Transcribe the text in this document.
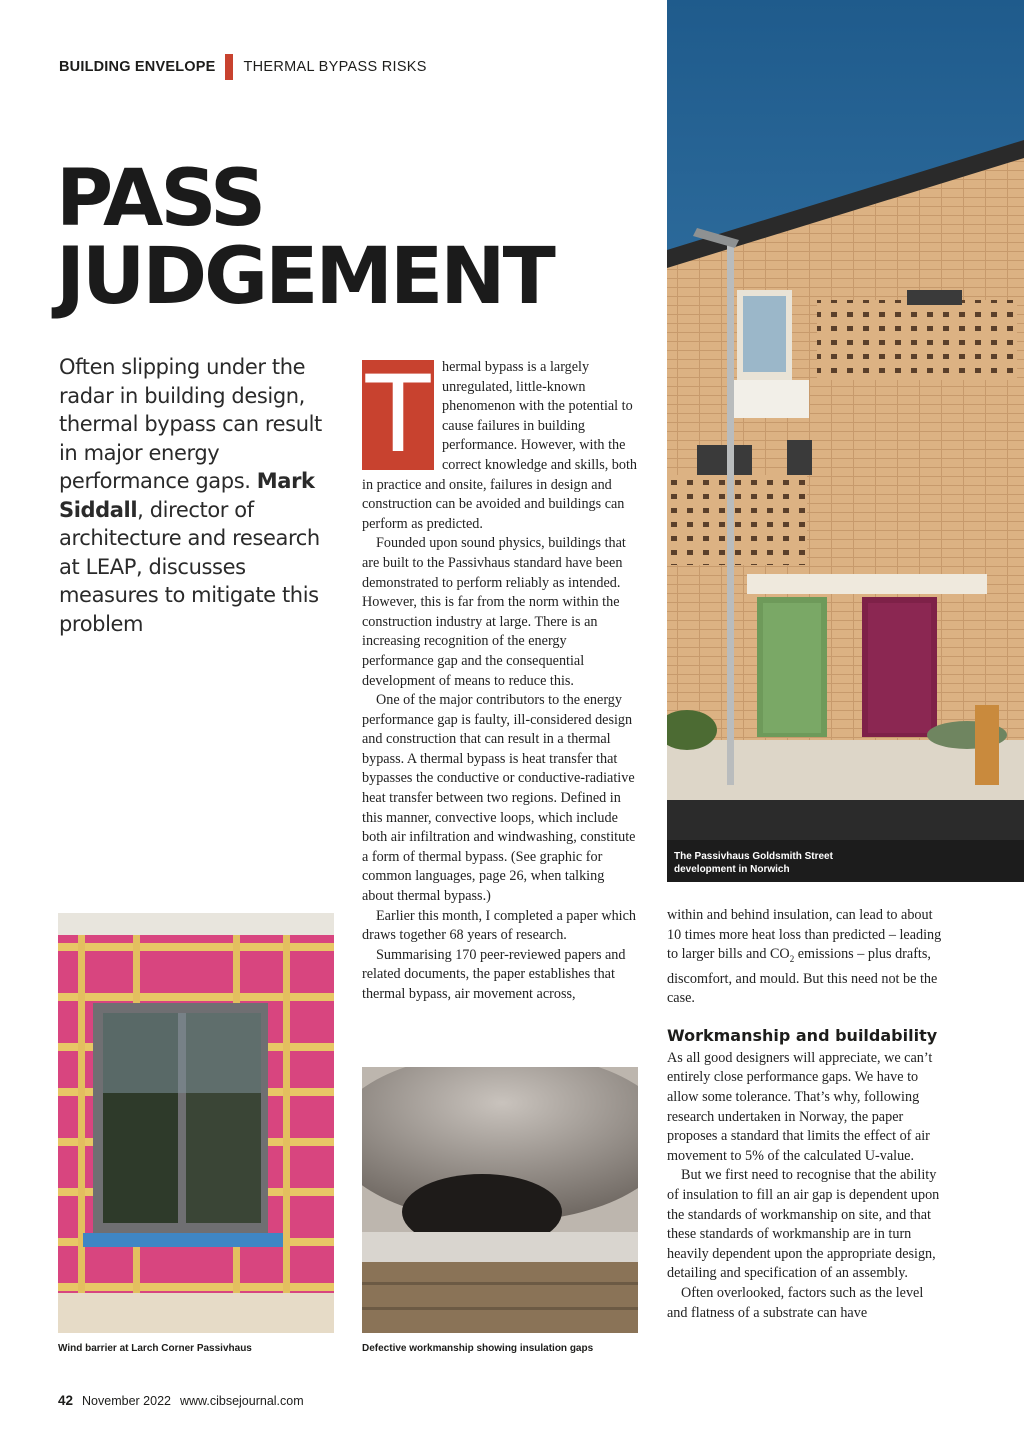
BUILDING ENVELOPE THERMAL BYPASS RISKS
PASS
JUDGEMENT
Often slipping under the radar in building design, thermal bypass can result in major energy performance gaps. Mark Siddall, director of architecture and research at LEAP, discusses measures to mitigate this problem
T hermal bypass is a largely unregulated, little-known phenomenon with the potential to cause failures in building performance. However, with the correct knowledge and skills, both in practice and onsite, failures in design and construction can be avoided and buildings can perform as predicted.

Founded upon sound physics, buildings that are built to the Passivhaus standard have been demonstrated to perform reliably as intended. However, this is far from the norm within the construction industry at large. There is an increasing recognition of the energy performance gap and the consequential development of means to reduce this.

One of the major contributors to the energy performance gap is faulty, ill-considered design and construction that can result in a thermal bypass. A thermal bypass is heat transfer that bypasses the conductive or conductive-radiative heat transfer between two regions. Defined in this manner, convective loops, which include both air infiltration and windwashing, constitute a form of thermal bypass. (See graphic for common languages, page 26, when talking about thermal bypass.)

Earlier this month, I completed a paper which draws together 68 years of research.

Summarising 170 peer-reviewed papers and related documents, the paper establishes that thermal bypass, air movement across,

within and behind insulation, can lead to about 10 times more heat loss than predicted – leading to larger bills and $CO_2$ emissions – plus drafts, discomfort, and mould. But this need not be the case.

Workmanship and buildability

As all good designers will appreciate, we can’t entirely close performance gaps. We have to allow some tolerance. That’s why, following research undertaken in Norway, the paper proposes a standard that limits the effect of air movement to 5% of the calculated U-value.

But we first need to recognise that the ability of insulation to fill an air gap is dependent upon the standards of workmanship on site, and that these standards of workmanship are in turn heavily dependent upon the appropriate design, detailing and specification of an assembly.

Often overlooked, factors such as the level and flatness of a substrate can have

The Passivhaus Goldsmith Street development in Norwich
Wind barrier at Larch Corner Passivhaus	Defective workmanship showing insulation gaps
42 November 2022 www.cibsejournal.com
